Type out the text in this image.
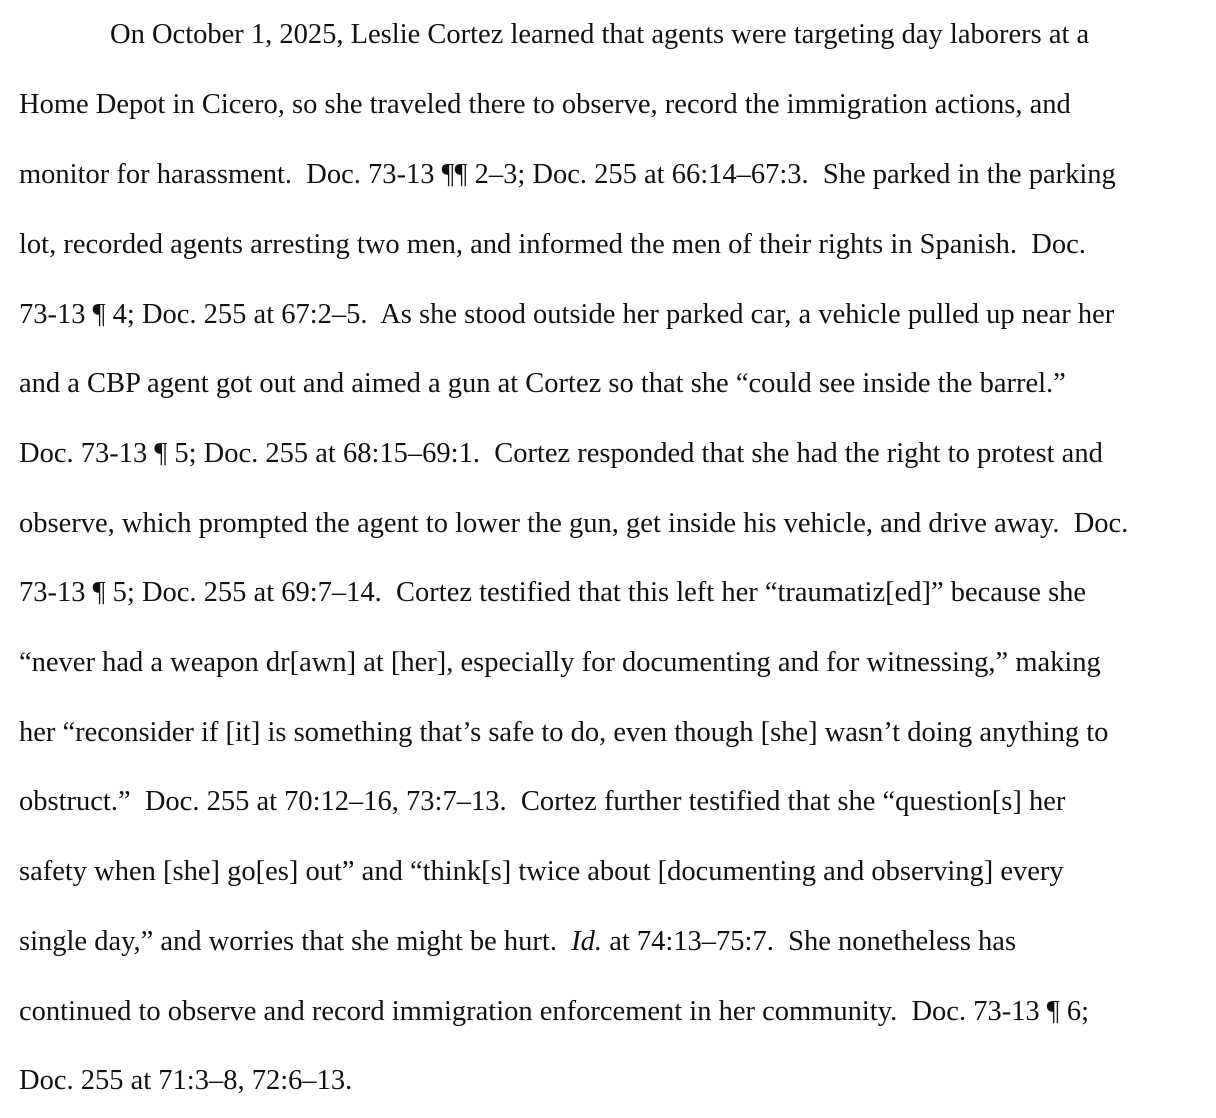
On October 1, 2025, Leslie Cortez learned that agents were targeting day laborers at a
Home Depot in Cicero, so she traveled there to observe, record the immigration actions, and
monitor for harassment.  Doc. 73-13 ¶¶ 2–3; Doc. 255 at 66:14–67:3.  She parked in the parking
lot, recorded agents arresting two men, and informed the men of their rights in Spanish.  Doc.
73-13 ¶ 4; Doc. 255 at 67:2–5.  As she stood outside her parked car, a vehicle pulled up near her
and a CBP agent got out and aimed a gun at Cortez so that she “could see inside the barrel.”
Doc. 73-13 ¶ 5; Doc. 255 at 68:15–69:1.  Cortez responded that she had the right to protest and
observe, which prompted the agent to lower the gun, get inside his vehicle, and drive away.  Doc.
73-13 ¶ 5; Doc. 255 at 69:7–14.  Cortez testified that this left her “traumatiz[ed]” because she
“never had a weapon dr[awn] at [her], especially for documenting and for witnessing,” making
her “reconsider if [it] is something that’s safe to do, even though [she] wasn’t doing anything to
obstruct.”  Doc. 255 at 70:12–16, 73:7–13.  Cortez further testified that she “question[s] her
safety when [she] go[es] out” and “think[s] twice about [documenting and observing] every
single day,” and worries that she might be hurt.  Id. at 74:13–75:7.  She nonetheless has
continued to observe and record immigration enforcement in her community.  Doc. 73-13 ¶ 6;
Doc. 255 at 71:3–8, 72:6–13.
